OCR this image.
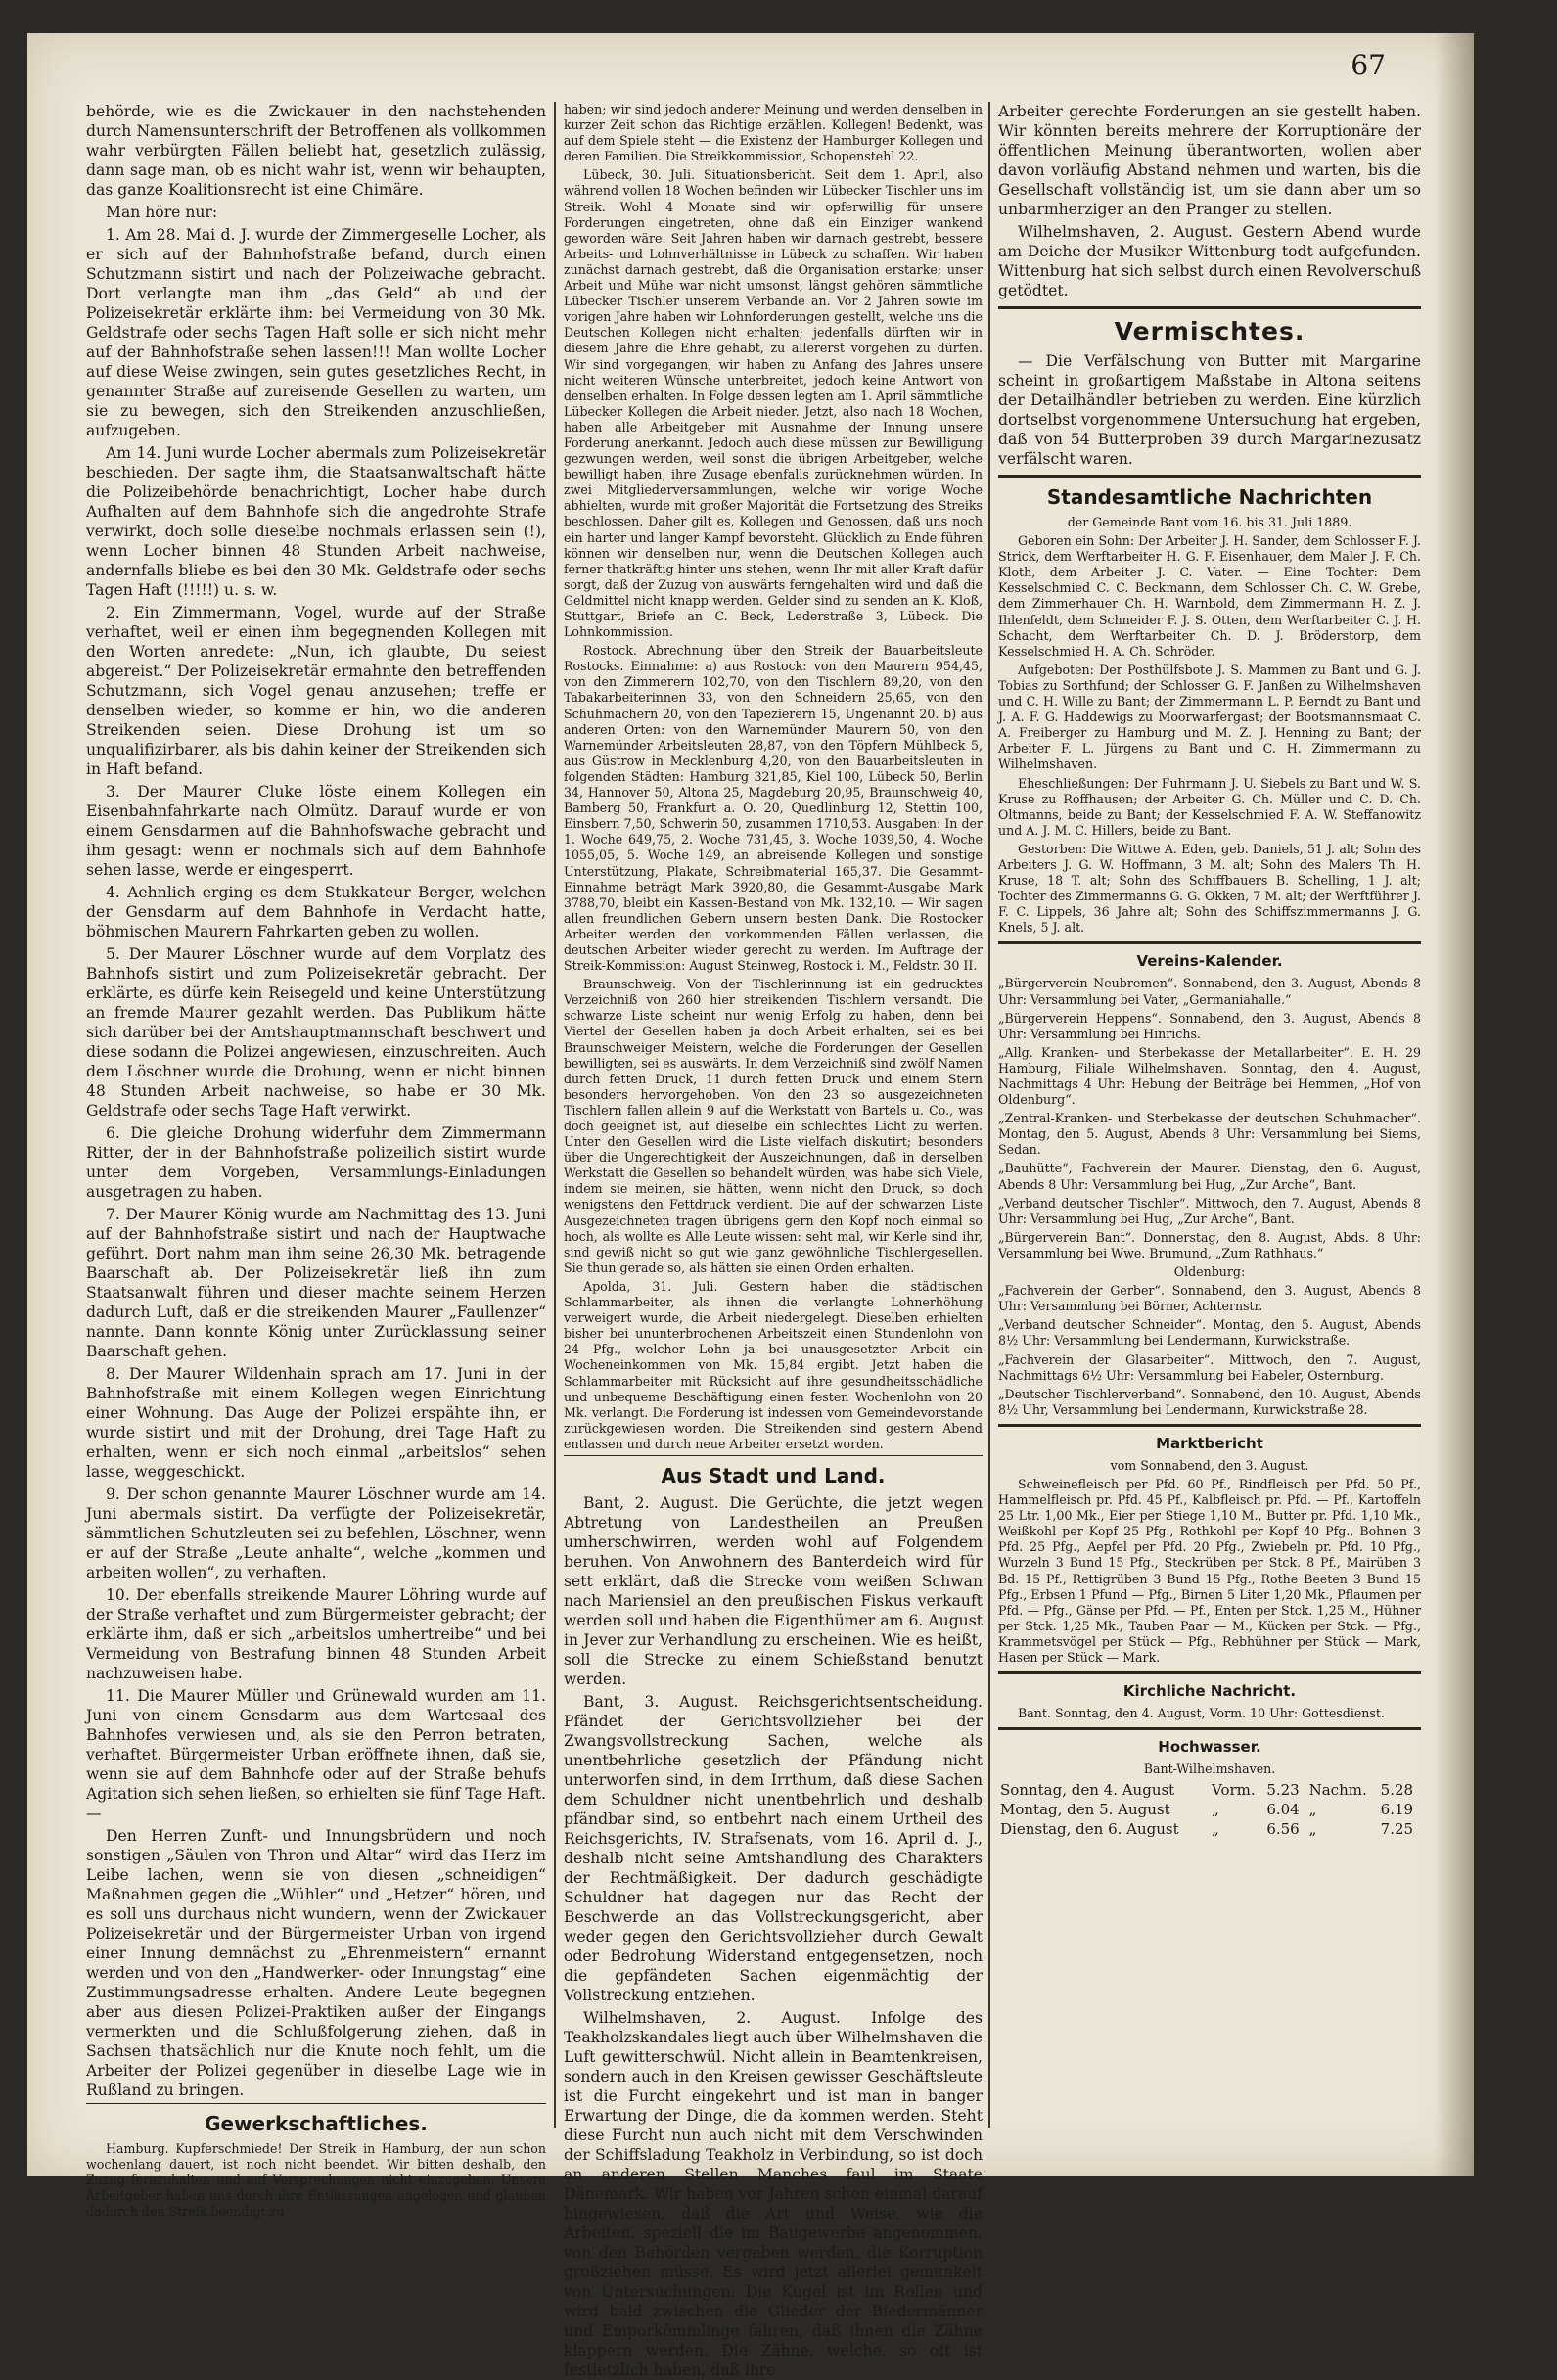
67

behörde, wie es die Zwickauer in den nachstehenden durch Namensunterschrift der Betroffenen als vollkommen wahr verbürgten Fällen beliebt hat, gesetzlich zulässig, dann sage man, ob es nicht wahr ist, wenn wir behaupten, das ganze Koalitionsrecht ist eine Chimäre.

Man höre nur:

1. Am 28. Mai d. J. wurde der Zimmergeselle Locher, als er sich auf der Bahnhofstraße befand, durch einen Schutzmann sistirt und nach der Polizeiwache gebracht. Dort verlangte man ihm „das Geld“ ab und der Polizeisekretär erklärte ihm: bei Vermeidung von 30 Mk. Geldstrafe oder sechs Tagen Haft solle er sich nicht mehr auf der Bahnhofstraße sehen lassen!!! Man wollte Locher auf diese Weise zwingen, sein gutes gesetzliches Recht, in genannter Straße auf zureisende Gesellen zu warten, um sie zu bewegen, sich den Streikenden anzuschließen, aufzugeben.

Am 14. Juni wurde Locher abermals zum Polizeisekretär beschieden. Der sagte ihm, die Staatsanwaltschaft hätte die Polizeibehörde benachrichtigt, Locher habe durch Aufhalten auf dem Bahnhofe sich die angedrohte Strafe verwirkt, doch solle dieselbe nochmals erlassen sein (!), wenn Locher binnen 48 Stunden Arbeit nachweise, andernfalls bliebe es bei den 30 Mk. Geldstrafe oder sechs Tagen Haft (!!!!!) u. s. w.

2. Ein Zimmermann, Vogel, wurde auf der Straße verhaftet, weil er einen ihm begegnenden Kollegen mit den Worten anredete: „Nun, ich glaubte, Du seiest abgereist.“ Der Polizeisekretär ermahnte den betreffenden Schutzmann, sich Vogel genau anzusehen; treffe er denselben wieder, so komme er hin, wo die anderen Streikenden seien. Diese Drohung ist um so unqualifizirbarer, als bis dahin keiner der Streikenden sich in Haft befand.

3. Der Maurer Cluke löste einem Kollegen ein Eisenbahnfahrkarte nach Olmütz. Darauf wurde er von einem Gensdarmen auf die Bahnhofswache gebracht und ihm gesagt: wenn er nochmals sich auf dem Bahnhofe sehen lasse, werde er eingesperrt.

4. Aehnlich erging es dem Stukkateur Berger, welchen der Gensdarm auf dem Bahnhofe in Verdacht hatte, böhmischen Maurern Fahrkarten geben zu wollen.

5. Der Maurer Löschner wurde auf dem Vorplatz des Bahnhofs sistirt und zum Polizeisekretär gebracht. Der erklärte, es dürfe kein Reisegeld und keine Unterstützung an fremde Maurer gezahlt werden. Das Publikum hätte sich darüber bei der Amtshauptmannschaft beschwert und diese sodann die Polizei angewiesen, einzuschreiten. Auch dem Löschner wurde die Drohung, wenn er nicht binnen 48 Stunden Arbeit nachweise, so habe er 30 Mk. Geldstrafe oder sechs Tage Haft verwirkt.

6. Die gleiche Drohung widerfuhr dem Zimmermann Ritter, der in der Bahnhofstraße polizeilich sistirt wurde unter dem Vorgeben, Versammlungs-Einladungen ausgetragen zu haben.

7. Der Maurer König wurde am Nachmittag des 13. Juni auf der Bahnhofstraße sistirt und nach der Hauptwache geführt. Dort nahm man ihm seine 26,30 Mk. betragende Baarschaft ab. Der Polizeisekretär ließ ihn zum Staatsanwalt führen und dieser machte seinem Herzen dadurch Luft, daß er die streikenden Maurer „Faullenzer“ nannte. Dann konnte König unter Zurücklassung seiner Baarschaft gehen.

8. Der Maurer Wildenhain sprach am 17. Juni in der Bahnhofstraße mit einem Kollegen wegen Einrichtung einer Wohnung. Das Auge der Polizei erspähte ihn, er wurde sistirt und mit der Drohung, drei Tage Haft zu erhalten, wenn er sich noch einmal „arbeitslos“ sehen lasse, weggeschickt.

9. Der schon genannte Maurer Löschner wurde am 14. Juni abermals sistirt. Da verfügte der Polizeisekretär, sämmtlichen Schutzleuten sei zu befehlen, Löschner, wenn er auf der Straße „Leute anhalte“, welche „kommen und arbeiten wollen“, zu verhaften.

10. Der ebenfalls streikende Maurer Löhring wurde auf der Straße verhaftet und zum Bürgermeister gebracht; der erklärte ihm, daß er sich „arbeitslos umhertreibe“ und bei Vermeidung von Bestrafung binnen 48 Stunden Arbeit nachzuweisen habe.

11. Die Maurer Müller und Grünewald wurden am 11. Juni von einem Gensdarm aus dem Wartesaal des Bahnhofes verwiesen und, als sie den Perron betraten, verhaftet. Bürgermeister Urban eröffnete ihnen, daß sie, wenn sie auf dem Bahnhofe oder auf der Straße behufs Agitation sich sehen ließen, so erhielten sie fünf Tage Haft. —

Den Herren Zunft- und Innungsbrüdern und noch sonstigen „Säulen von Thron und Altar“ wird das Herz im Leibe lachen, wenn sie von diesen „schneidigen“ Maßnahmen gegen die „Wühler“ und „Hetzer“ hören, und es soll uns durchaus nicht wundern, wenn der Zwickauer Polizeisekretär und der Bürgermeister Urban von irgend einer Innung demnächst zu „Ehrenmeistern“ ernannt werden und von den „Handwerker- oder Innungstag“ eine Zustimmungsadresse erhalten. Andere Leute begegnen aber aus diesen Polizei-Praktiken außer der Eingangs vermerkten und die Schlußfolgerung ziehen, daß in Sachsen thatsächlich nur die Knute noch fehlt, um die Arbeiter der Polizei gegenüber in dieselbe Lage wie in Rußland zu bringen.

Gewerkschaftliches.

Hamburg. Kupferschmiede! Der Streik in Hamburg, der nun schon wochenlang dauert, ist noch nicht beendet. Wir bitten deshalb, den Zuzug fernzuhalten und auf Versprechungen nicht einzugehen. Unsere Arbeitgeber haben uns durch ihre Entlassungen angelogen und glauben dadurch den Streik beendigt zu

haben; wir sind jedoch anderer Meinung und werden denselben in kurzer Zeit schon das Richtige erzählen. Kollegen! Bedenkt, was auf dem Spiele steht — die Existenz der Hamburger Kollegen und deren Familien. Die Streikkommission, Schopenstehl 22.

Lübeck, 30. Juli. Situationsbericht. Seit dem 1. April, also während vollen 18 Wochen befinden wir Lübecker Tischler uns im Streik. Wohl 4 Monate sind wir opferwillig für unsere Forderungen eingetreten, ohne daß ein Einziger wankend geworden wäre. Seit Jahren haben wir darnach gestrebt, bessere Arbeits- und Lohnverhältnisse in Lübeck zu schaffen. Wir haben zunächst darnach gestrebt, daß die Organisation erstarke; unser Arbeit und Mühe war nicht umsonst, längst gehören sämmtliche Lübecker Tischler unserem Verbande an. Vor 2 Jahren sowie im vorigen Jahre haben wir Lohnforderungen gestellt, welche uns die Deutschen Kollegen nicht erhalten; jedenfalls dürften wir in diesem Jahre die Ehre gehabt, zu allererst vorgehen zu dürfen. Wir sind vorgegangen, wir haben zu Anfang des Jahres unsere nicht weiteren Wünsche unterbreitet, jedoch keine Antwort von denselben erhalten. In Folge dessen legten am 1. April sämmtliche Lübecker Kollegen die Arbeit nieder. Jetzt, also nach 18 Wochen, haben alle Arbeitgeber mit Ausnahme der Innung unsere Forderung anerkannt. Jedoch auch diese müssen zur Bewilligung gezwungen werden, weil sonst die übrigen Arbeitgeber, welche bewilligt haben, ihre Zusage ebenfalls zurücknehmen würden. In zwei Mitgliederversammlungen, welche wir vorige Woche abhielten, wurde mit großer Majorität die Fortsetzung des Streiks beschlossen. Daher gilt es, Kollegen und Genossen, daß uns noch ein harter und langer Kampf bevorsteht. Glücklich zu Ende führen können wir denselben nur, wenn die Deutschen Kollegen auch ferner thatkräftig hinter uns stehen, wenn Ihr mit aller Kraft dafür sorgt, daß der Zuzug von auswärts ferngehalten wird und daß die Geldmittel nicht knapp werden. Gelder sind zu senden an K. Kloß, Stuttgart, Briefe an C. Beck, Lederstraße 3, Lübeck. Die Lohnkommission.

Rostock. Abrechnung über den Streik der Bauarbeitsleute Rostocks. Einnahme: a) aus Rostock: von den Maurern 954,45, von den Zimmerern 102,70, von den Tischlern 89,20, von den Tabakarbeiterinnen 33, von den Schneidern 25,65, von den Schuhmachern 20, von den Tapezierern 15, Ungenannt 20. b) aus anderen Orten: von den Warnemünder Maurern 50, von den Warnemünder Arbeitsleuten 28,87, von den Töpfern Mühlbeck 5, aus Güstrow in Mecklenburg 4,20, von den Bauarbeitsleuten in folgenden Städten: Hamburg 321,85, Kiel 100, Lübeck 50, Berlin 34, Hannover 50, Altona 25, Magdeburg 20,95, Braunschweig 40, Bamberg 50, Frankfurt a. O. 20, Quedlinburg 12, Stettin 100, Einsbern 7,50, Schwerin 50, zusammen 1710,53. Ausgaben: In der 1. Woche 649,75, 2. Woche 731,45, 3. Woche 1039,50, 4. Woche 1055,05, 5. Woche 149, an abreisende Kollegen und sonstige Unterstützung, Plakate, Schreibmaterial 165,37. Die Gesammt-Einnahme beträgt Mark 3920,80, die Gesammt-Ausgabe Mark 3788,70, bleibt ein Kassen-Bestand von Mk. 132,10. — Wir sagen allen freundlichen Gebern unsern besten Dank. Die Rostocker Arbeiter werden den vorkommenden Fällen verlassen, die deutschen Arbeiter wieder gerecht zu werden. Im Auftrage der Streik-Kommission: August Steinweg, Rostock i. M., Feldstr. 30 II.

Braunschweig. Von der Tischlerinnung ist ein gedrucktes Verzeichniß von 260 hier streikenden Tischlern versandt. Die schwarze Liste scheint nur wenig Erfolg zu haben, denn bei Viertel der Gesellen haben ja doch Arbeit erhalten, sei es bei Braunschweiger Meistern, welche die Forderungen der Gesellen bewilligten, sei es auswärts. In dem Verzeichniß sind zwölf Namen durch fetten Druck, 11 durch fetten Druck und einem Stern besonders hervorgehoben. Von den 23 so ausgezeichneten Tischlern fallen allein 9 auf die Werkstatt von Bartels u. Co., was doch geeignet ist, auf dieselbe ein schlechtes Licht zu werfen. Unter den Gesellen wird die Liste vielfach diskutirt; besonders über die Ungerechtigkeit der Auszeichnungen, daß in derselben Werkstatt die Gesellen so behandelt würden, was habe sich Viele, indem sie meinen, sie hätten, wenn nicht den Druck, so doch wenigstens den Fettdruck verdient. Die auf der schwarzen Liste Ausgezeichneten tragen übrigens gern den Kopf noch einmal so hoch, als wollte es Alle Leute wissen: seht mal, wir Kerle sind ihr, sind gewiß nicht so gut wie ganz gewöhnliche Tischlergesellen. Sie thun gerade so, als hätten sie einen Orden erhalten.

Apolda, 31. Juli. Gestern haben die städtischen Schlammarbeiter, als ihnen die verlangte Lohnerhöhung verweigert wurde, die Arbeit niedergelegt. Dieselben erhielten bisher bei ununterbrochenen Arbeitszeit einen Stundenlohn von 24 Pfg., welcher Lohn ja bei unausgesetzter Arbeit ein Wocheneinkommen von Mk. 15,84 ergibt. Jetzt haben die Schlammarbeiter mit Rücksicht auf ihre gesundheitsschädliche und unbequeme Beschäftigung einen festen Wochenlohn von 20 Mk. verlangt. Die Forderung ist indessen vom Gemeindevorstande zurückgewiesen worden. Die Streikenden sind gestern Abend entlassen und durch neue Arbeiter ersetzt worden.

Aus Stadt und Land.

Bant, 2. August. Die Gerüchte, die jetzt wegen Abtretung von Landestheilen an Preußen umherschwirren, werden wohl auf Folgendem beruhen. Von Anwohnern des Banterdeich wird für sett erklärt, daß die Strecke vom weißen Schwan nach Mariensiel an den preußischen Fiskus verkauft werden soll und haben die Eigenthümer am 6. August in Jever zur Verhandlung zu erscheinen. Wie es heißt, soll die Strecke zu einem Schießstand benutzt werden.

Bant, 3. August. Reichsgerichtsentscheidung. Pfändet der Gerichtsvollzieher bei der Zwangsvollstreckung Sachen, welche als unentbehrliche gesetzlich der Pfändung nicht unterworfen sind, in dem Irrthum, daß diese Sachen dem Schuldner nicht unentbehrlich und deshalb pfändbar sind, so entbehrt nach einem Urtheil des Reichsgerichts, IV. Strafsenats, vom 16. April d. J., deshalb nicht seine Amtshandlung des Charakters der Rechtmäßigkeit. Der dadurch geschädigte Schuldner hat dagegen nur das Recht der Beschwerde an das Vollstreckungsgericht, aber weder gegen den Gerichtsvollzieher durch Gewalt oder Bedrohung Widerstand entgegensetzen, noch die gepfändeten Sachen eigenmächtig der Vollstreckung entziehen.

Wilhelmshaven, 2. August. Infolge des Teakholzskandales liegt auch über Wilhelmshaven die Luft gewitterschwül. Nicht allein in Beamtenkreisen, sondern auch in den Kreisen gewisser Geschäftsleute ist die Furcht eingekehrt und ist man in banger Erwartung der Dinge, die da kommen werden. Steht diese Furcht nun auch nicht mit dem Verschwinden der Schiffsladung Teakholz in Verbindung, so ist doch an anderen Stellen Manches faul im Staate Dänemark. Wir haben vor Jahren schon einmal darauf hingewiesen, daß die Art und Weise, wie die Arbeiten, speziell die im Baugewerbe angenommen, von den Behörden vergeben werden, die Korruption großziehen müsse. Es wird jetzt allerlei gemunkelt von Untersuchungen. Die Kugel ist im Rollen und wird bald zwischen die Glieder der Biedermänner und Emporkömmlinge fahren, daß ihnen die Zähne klappern werden. Die Zähne, welche, so oft ist festletzlich haben, daß ihre

Arbeiter gerechte Forderungen an sie gestellt haben. Wir könnten bereits mehrere der Korruptionäre der öffentlichen Meinung überantworten, wollen aber davon vorläufig Abstand nehmen und warten, bis die Gesellschaft vollständig ist, um sie dann aber um so unbarmherziger an den Pranger zu stellen.

Wilhelmshaven, 2. August. Gestern Abend wurde am Deiche der Musiker Wittenburg todt aufgefunden. Wittenburg hat sich selbst durch einen Revolverschuß getödtet.

Vermischtes.

— Die Verfälschung von Butter mit Margarine scheint in großartigem Maßstabe in Altona seitens der Detailhändler betrieben zu werden. Eine kürzlich dortselbst vorgenommene Untersuchung hat ergeben, daß von 54 Butterproben 39 durch Margarinezusatz verfälscht waren.

Standesamtliche Nachrichten

der Gemeinde Bant vom 16. bis 31. Juli 1889.

Geboren ein Sohn: Der Arbeiter J. H. Sander, dem Schlosser F. J. Strick, dem Werftarbeiter H. G. F. Eisenhauer, dem Maler J. F. Ch. Kloth, dem Arbeiter J. C. Vater. — Eine Tochter: Dem Kesselschmied C. C. Beckmann, dem Schlosser Ch. C. W. Grebe, dem Zimmerhauer Ch. H. Warnbold, dem Zimmermann H. Z. J. Ihlenfeldt, dem Schneider F. J. S. Otten, dem Werftarbeiter C. J. H. Schacht, dem Werftarbeiter Ch. D. J. Bröderstorp, dem Kesselschmied H. A. Ch. Schröder.

Aufgeboten: Der Posthülfsbote J. S. Mammen zu Bant und G. J. Tobias zu Sorthfund; der Schlosser G. F. Janßen zu Wilhelmshaven und C. H. Wille zu Bant; der Zimmermann L. P. Berndt zu Bant und J. A. F. G. Haddewigs zu Moorwarfergast; der Bootsmannsmaat C. A. Freiberger zu Hamburg und M. Z. J. Henning zu Bant; der Arbeiter F. L. Jürgens zu Bant und C. H. Zimmermann zu Wilhelmshaven.

Eheschließungen: Der Fuhrmann J. U. Siebels zu Bant und W. S. Kruse zu Roffhausen; der Arbeiter G. Ch. Müller und C. D. Ch. Oltmanns, beide zu Bant; der Kesselschmied F. A. W. Steffanowitz und A. J. M. C. Hillers, beide zu Bant.

Gestorben: Die Wittwe A. Eden, geb. Daniels, 51 J. alt; Sohn des Arbeiters J. G. W. Hoffmann, 3 M. alt; Sohn des Malers Th. H. Kruse, 18 T. alt; Sohn des Schiffbauers B. Schelling, 1 J. alt; Tochter des Zimmermanns G. G. Okken, 7 M. alt; der Werftführer J. F. C. Lippels, 36 Jahre alt; Sohn des Schiffszimmermanns J. G. Knels, 5 J. alt.

Vereins-Kalender.

„Bürgerverein Neubremen“. Sonnabend, den 3. August, Abends 8 Uhr: Versammlung bei Vater, „Germaniahalle.“

„Bürgerverein Heppens“. Sonnabend, den 3. August, Abends 8 Uhr: Versammlung bei Hinrichs.

„Allg. Kranken- und Sterbekasse der Metallarbeiter“. E. H. 29 Hamburg, Filiale Wilhelmshaven. Sonntag, den 4. August, Nachmittags 4 Uhr: Hebung der Beiträge bei Hemmen, „Hof von Oldenburg“.

„Zentral-Kranken- und Sterbekasse der deutschen Schuhmacher“. Montag, den 5. August, Abends 8 Uhr: Versammlung bei Siems, Sedan.

„Bauhütte“, Fachverein der Maurer. Dienstag, den 6. August, Abends 8 Uhr: Versammlung bei Hug, „Zur Arche“, Bant.

„Verband deutscher Tischler“. Mittwoch, den 7. August, Abends 8 Uhr: Versammlung bei Hug, „Zur Arche“, Bant.

„Bürgerverein Bant“. Donnerstag, den 8. August, Abds. 8 Uhr: Versammlung bei Wwe. Brumund, „Zum Rathhaus.“

Oldenburg:

„Fachverein der Gerber“. Sonnabend, den 3. August, Abends 8 Uhr: Versammlung bei Börner, Achternstr.

„Verband deutscher Schneider“. Montag, den 5. August, Abends 8½ Uhr: Versammlung bei Lendermann, Kurwickstraße.

„Fachverein der Glasarbeiter“. Mittwoch, den 7. August, Nachmittags 6½ Uhr: Versammlung bei Habeler, Osternburg.

„Deutscher Tischlerverband“. Sonnabend, den 10. August, Abends 8½ Uhr, Versammlung bei Lendermann, Kurwickstraße 28.

Marktbericht

vom Sonnabend, den 3. August.

Schweinefleisch per Pfd. 60 Pf., Rindfleisch per Pfd. 50 Pf., Hammelfleisch pr. Pfd. 45 Pf., Kalbfleisch pr. Pfd. — Pf., Kartoffeln 25 Ltr. 1,00 Mk., Eier per Stiege 1,10 M., Butter pr. Pfd. 1,10 Mk., Weißkohl per Kopf 25 Pfg., Rothkohl per Kopf 40 Pfg., Bohnen 3 Pfd. 25 Pfg., Aepfel per Pfd. 20 Pfg., Zwiebeln pr. Pfd. 10 Pfg., Wurzeln 3 Bund 15 Pfg., Steckrüben per Stck. 8 Pf., Mairüben 3 Bd. 15 Pf., Rettigrüben 3 Bund 15 Pfg., Rothe Beeten 3 Bund 15 Pfg., Erbsen 1 Pfund — Pfg., Birnen 5 Liter 1,20 Mk., Pflaumen per Pfd. — Pfg., Gänse per Pfd. — Pf., Enten per Stck. 1,25 M., Hühner per Stck. 1,25 Mk., Tauben Paar — M., Kücken per Stck. — Pfg., Krammetsvögel per Stück — Pfg., Rebhühner per Stück — Mark, Hasen per Stück — Mark.

Kirchliche Nachricht.

Bant. Sonntag, den 4. August, Vorm. 10 Uhr: Gottesdienst.

Hochwasser.

Bant-Wilhelmshaven.

Sonntag, den 4. August	Vorm.	5.23	Nachm.	5.28
Montag, den 5. August	„	6.04	„	6.19
Dienstag, den 6. August	„	6.56	„	7.25
